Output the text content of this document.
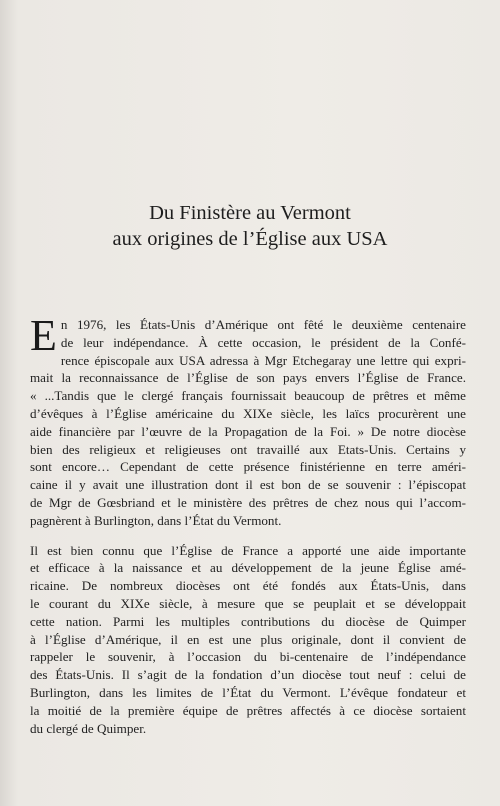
Du Finistère au Vermont

aux origines de l’Église aux USA

E n 1976, les États-Unis d’Amérique ont fêté le deuxième centenaire
de leur indépendance. À cette occasion, le président de la Confé-
rence épiscopale aux USA adressa à Mgr Etchegaray une lettre qui expri-
mait la reconnaissance de l’Église de son pays envers l’Église de France.
« ...Tandis que le clergé français fournissait beaucoup de prêtres et même
d’évêques à l’Église américaine du XIXe siècle, les laïcs procurèrent une
aide financière par l’œuvre de la Propagation de la Foi. » De notre diocèse
bien des religieux et religieuses ont travaillé aux Etats-Unis. Certains y
sont encore… Cependant de cette présence finistérienne en terre améri-
caine il y avait une illustration dont il est bon de se souvenir : l’épiscopat
de Mgr de Gœsbriand et le ministère des prêtres de chez nous qui l’accom-
pagnèrent à Burlington, dans l’État du Vermont.
Il est bien connu que l’Église de France a apporté une aide importante
et efficace à la naissance et au développement de la jeune Église amé-
ricaine. De nombreux diocèses ont été fondés aux États-Unis, dans
le courant du XIXe siècle, à mesure que se peuplait et se développait
cette nation. Parmi les multiples contributions du diocèse de Quimper
à l’Église d’Amérique, il en est une plus originale, dont il convient de
rappeler le souvenir, à l’occasion du bi-centenaire de l’indépendance
des États-Unis. Il s’agit de la fondation d’un diocèse tout neuf : celui de
Burlington, dans les limites de l’État du Vermont. L’évêque fondateur et
la moitié de la première équipe de prêtres affectés à ce diocèse sortaient
du clergé de Quimper.
